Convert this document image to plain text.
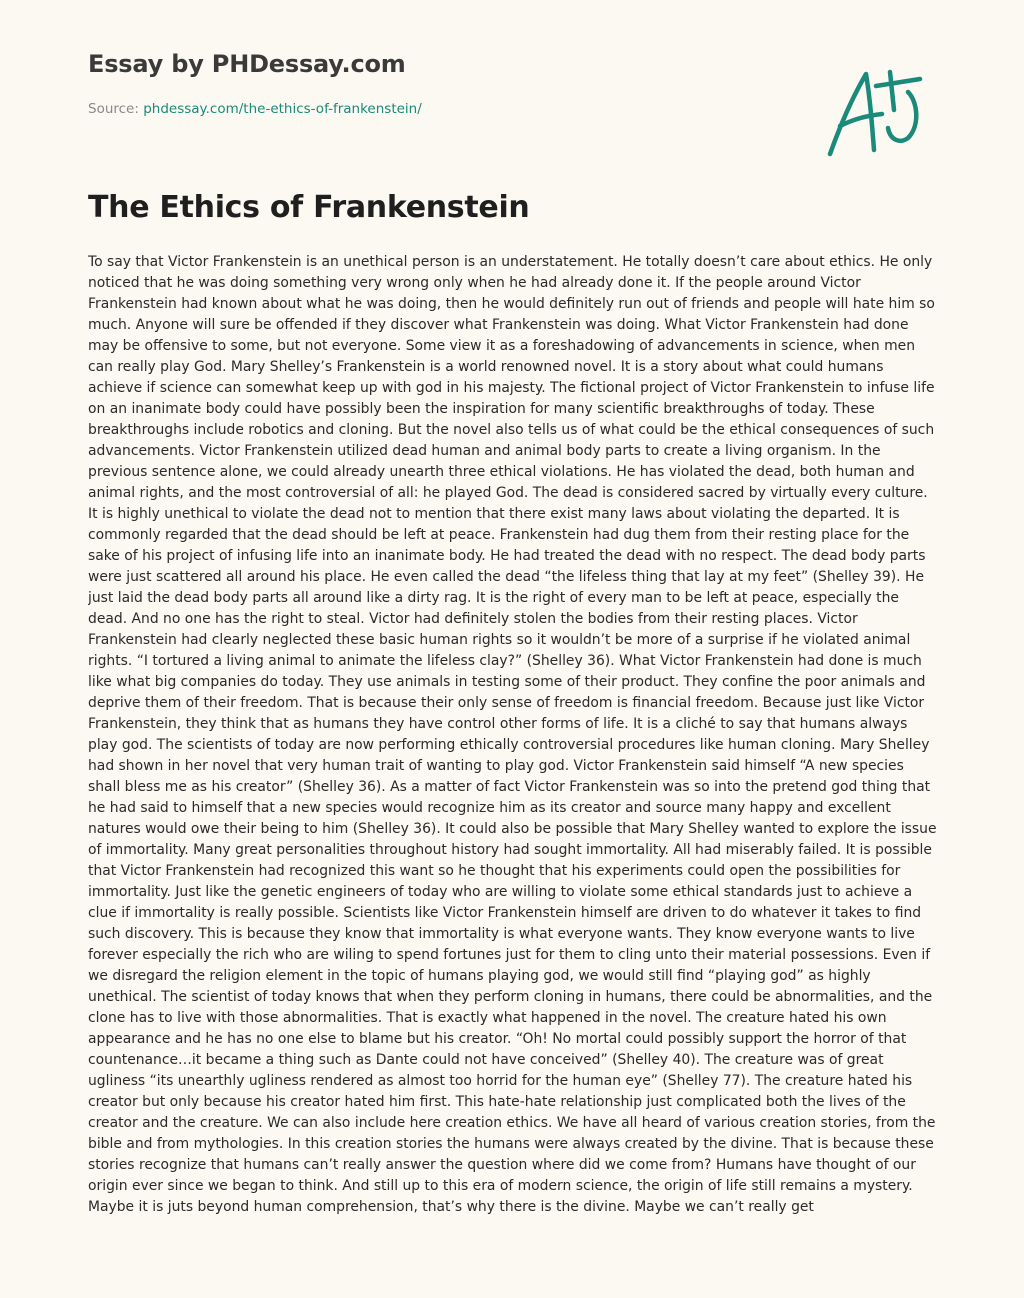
Essay by PHDessay.com
Source: phdessay.com/the-ethics-of-frankenstein/
The Ethics of Frankenstein

To say that Victor Frankenstein is an unethical person is an understatement. He totally doesn’t care about ethics. He only noticed that he was doing something very wrong only when he had already done it. If the people around Victor Frankenstein had known about what he was doing, then he would definitely run out of friends and people will hate him so much. Anyone will sure be offended if they discover what Frankenstein was doing. What Victor Frankenstein had done may be offensive to some, but not everyone. Some view it as a foreshadowing of advancements in science, when men can really play God. Mary Shelley’s Frankenstein is a world renowned novel. It is a story about what could humans achieve if science can somewhat keep up with god in his majesty. The fictional project of Victor Frankenstein to infuse life on an inanimate body could have possibly been the inspiration for many scientific breakthroughs of today. These breakthroughs include robotics and cloning. But the novel also tells us of what could be the ethical consequences of such advancements. Victor Frankenstein utilized dead human and animal body parts to create a living organism. In the previous sentence alone, we could already unearth three ethical violations. He has violated the dead, both human and animal rights, and the most controversial of all: he played God. The dead is considered sacred by virtually every culture. It is highly unethical to violate the dead not to mention that there exist many laws about violating the departed. It is commonly regarded that the dead should be left at peace. Frankenstein had dug them from their resting place for the sake of his project of infusing life into an inanimate body. He had treated the dead with no respect. The dead body parts were just scattered all around his place. He even called the dead “the lifeless thing that lay at my feet” (Shelley 39). He just laid the dead body parts all around like a dirty rag. It is the right of every man to be left at peace, especially the dead. And no one has the right to steal. Victor had definitely stolen the bodies from their resting places. Victor Frankenstein had clearly neglected these basic human rights so it wouldn’t be more of a surprise if he violated animal rights. “I tortured a living animal to animate the lifeless clay?” (Shelley 36). What Victor Frankenstein had done is much like what big companies do today. They use animals in testing some of their product. They confine the poor animals and deprive them of their freedom. That is because their only sense of freedom is financial freedom. Because just like Victor Frankenstein, they think that as humans they have control other forms of life. It is a cliché to say that humans always play god. The scientists of today are now performing ethically controversial procedures like human cloning. Mary Shelley had shown in her novel that very human trait of wanting to play god. Victor Frankenstein said himself “A new species shall bless me as his creator” (Shelley 36). As a matter of fact Victor Frankenstein was so into the pretend god thing that he had said to himself that a new species would recognize him as its creator and source many happy and excellent natures would owe their being to him (Shelley 36). It could also be possible that Mary Shelley wanted to explore the issue of immortality. Many great personalities throughout history had sought immortality. All had miserably failed. It is possible that Victor Frankenstein had recognized this want so he thought that his experiments could open the possibilities for immortality. Just like the genetic engineers of today who are willing to violate some ethical standards just to achieve a clue if immortality is really possible. Scientists like Victor Frankenstein himself are driven to do whatever it takes to find such discovery. This is because they know that immortality is what everyone wants. They know everyone wants to live forever especially the rich who are wiling to spend fortunes just for them to cling unto their material possessions. Even if we disregard the religion element in the topic of humans playing god, we would still find “playing god” as highly unethical. The scientist of today knows that when they perform cloning in humans, there could be abnormalities, and the clone has to live with those abnormalities. That is exactly what happened in the novel. The creature hated his own appearance and he has no one else to blame but his creator. “Oh! No mortal could possibly support the horror of that countenance…it became a thing such as Dante could not have conceived” (Shelley 40). The creature was of great ugliness “its unearthly ugliness rendered as almost too horrid for the human eye” (Shelley 77). The creature hated his creator but only because his creator hated him first. This hate-hate relationship just complicated both the lives of the creator and the creature. We can also include here creation ethics. We have all heard of various creation stories, from the bible and from mythologies. In this creation stories the humans were always created by the divine. That is because these stories recognize that humans can’t really answer the question where did we come from? Humans have thought of our origin ever since we began to think. And still up to this era of modern science, the origin of life still remains a mystery. Maybe it is juts beyond human comprehension, that’s why there is the divine. Maybe we can’t really get
